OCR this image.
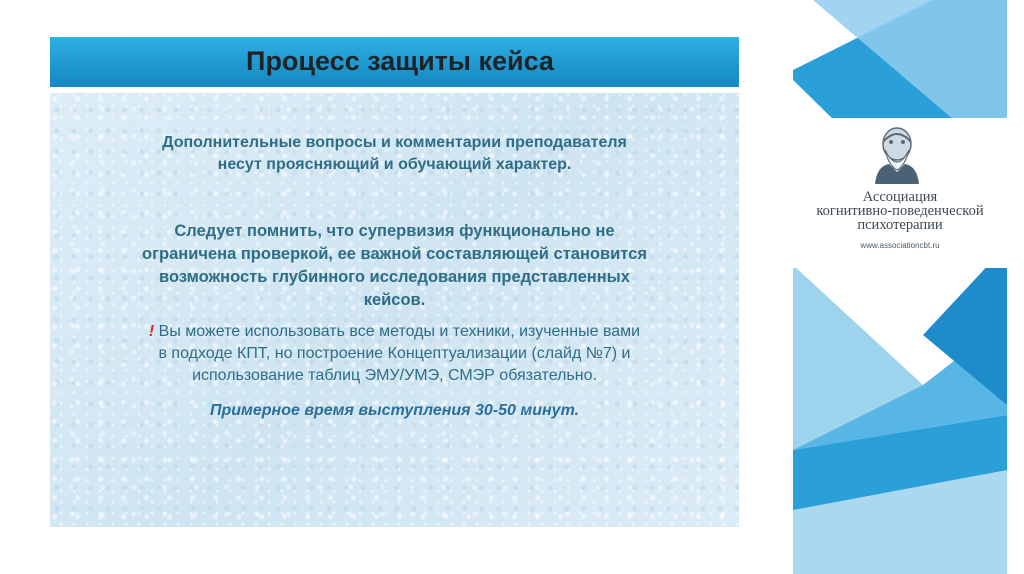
Процесс защиты кейса

Дополнительные вопросы и комментарии преподавателя
несут проясняющий и обучающий характер.

Следует помнить, что супервизия функционально не
ограничена проверкой, ее важной составляющей становится
возможность глубинного исследования представленных
кейсов.

! Вы можете использовать все методы и техники, изученные вами
в подходе КПТ, но построение Концептуализации (слайд №7) и
использование таблиц ЭМУ/УМЭ, СМЭР обязательно.

Примерное время выступления 30-50 минут.

Ассоциация
когнитивно-поведенческой
психотерапии
www.associationcbt.ru
